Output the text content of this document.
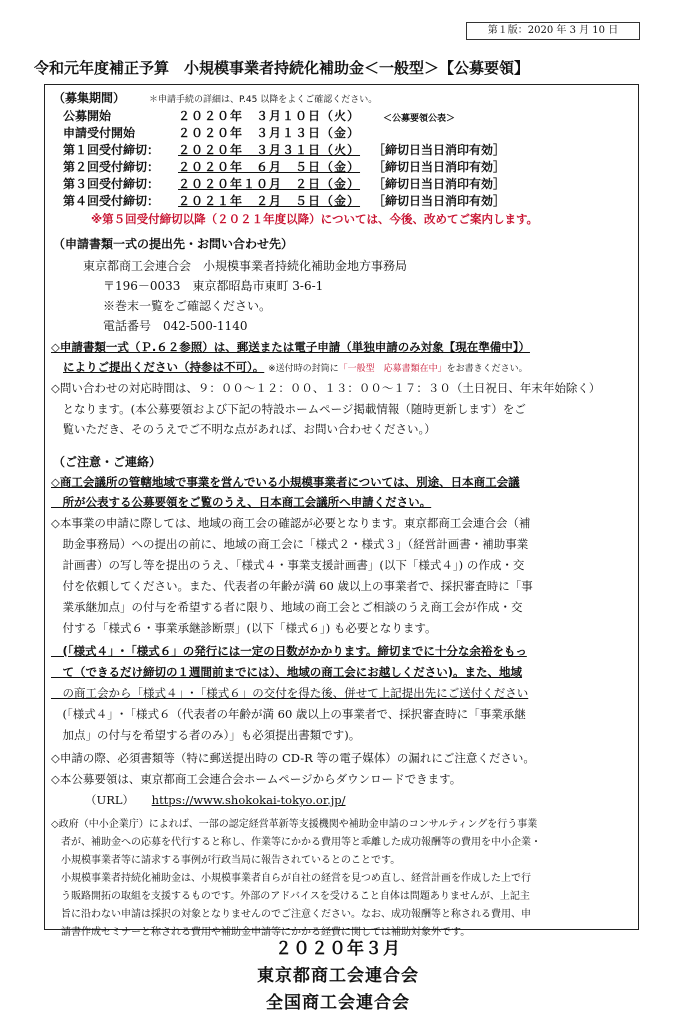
第１版：2020 年 3 月 10 日
令和元年度補正予算　小規模事業者持続化補助金＜一般型＞【公募要領】
（募集期間）	＊申請手続の詳細は、P.45 以降をよくご確認ください。
公募開始	２０２０年　３月１０日（火）	＜公募要領公表＞
申請受付開始	２０２０年　３月１３日（金）
第１回受付締切： ２０２０年　３月３１日（火） ［締切日当日消印有効］
第２回受付締切： ２０２０年　６月　５日（金） ［締切日当日消印有効］
第３回受付締切： ２０２０年１０月　２日（金） ［締切日当日消印有効］
第４回受付締切： ２０２１年　２月　５日（金） ［締切日当日消印有効］
※第５回受付締切以降（２０２１年度以降）については、今後、改めてご案内します。
（申請書類一式の提出先・お問い合わせ先）
東京都商工会連合会　小規模事業者持続化補助金地方事務局
〒196－0033　東京都昭島市東町 3-6-1
※巻末一覧をご確認ください。
電話番号　042-500-1140
◇申請書類一式（Ｐ.６２参照）は、郵送または電子申請（単独申請のみ対象【現在準備中】）
によりご提出ください（持参は不可）。 ※送付時の封筒に「一般型　応募書類在中」をお書きください。
◇問い合わせの対応時間は、９：００～１２：００、１３：００～１７：３０（土日祝日、年末年始除く）
　となります。(本公募要領および下記の特設ホームページ掲載情報（随時更新します）をご
　覧いただき、そのうえでご不明な点があれば、お問い合わせください。）
（ご注意・ご連絡）
◇商工会議所の管轄地域で事業を営んでいる小規模事業者については、別途、日本商工会議
　所が公表する公募要領をご覧のうえ、日本商工会議所へ申請ください。
◇本事業の申請に際しては、地域の商工会の確認が必要となります。東京都商工会連合会（補
　助金事務局）への提出の前に、地域の商工会に「様式２・様式３」（経営計画書・補助事業
　計画書）の写し等を提出のうえ、「様式４・事業支援計画書」(以下「様式４」) の作成・交
　付を依頼してください。また、代表者の年齢が満 60 歳以上の事業者で、採択審査時に「事
　業承継加点」の付与を希望する者に限り、地域の商工会とご相談のうえ商工会が作成・交
　付する「様式６・事業承継診断票」(以下「様式６」) も必要となります。
　(「様式４」･「様式６」の発行には一定の日数がかかります。締切までに十分な余裕をもっ
　て（できるだけ締切の１週間前までには）、地域の商工会にお越しください)。また、地域
　の商工会から「様式４」･「様式６」の交付を得た後、併せて上記提出先にご送付ください
　(「様式４」･「様式６（代表者の年齢が満 60 歳以上の事業者で、採択審査時に「事業承継
　加点」の付与を希望する者のみ）」も必須提出書類です)。
◇申請の際、必須書類等（特に郵送提出時の CD-R 等の電子媒体）の漏れにご注意ください。
◇本公募要領は、東京都商工会連合会ホームページからダウンロードできます。
（URL） https://www.shokokai-tokyo.or.jp/
◇政府（中小企業庁）によれば、一部の認定経営革新等支援機関や補助金申請のコンサルティングを行う事業
　者が、補助金への応募を代行すると称し、作業等にかかる費用等と乖離した成功報酬等の費用を中小企業・
　小規模事業者等に請求する事例が行政当局に報告されているとのことです。
　小規模事業者持続化補助金は、小規模事業者自らが自社の経営を見つめ直し、経営計画を作成した上で行
　う販路開拓の取組を支援するものです。外部のアドバイスを受けること自体は問題ありませんが、上記主
　旨に沿わない申請は採択の対象となりませんのでご注意ください。なお、成功報酬等と称される費用、申
　請書作成セミナーと称される費用や補助金申請等にかかる経費に関しては補助対象外です。
２０２０年３月
東京都商工会連合会
全国商工会連合会
